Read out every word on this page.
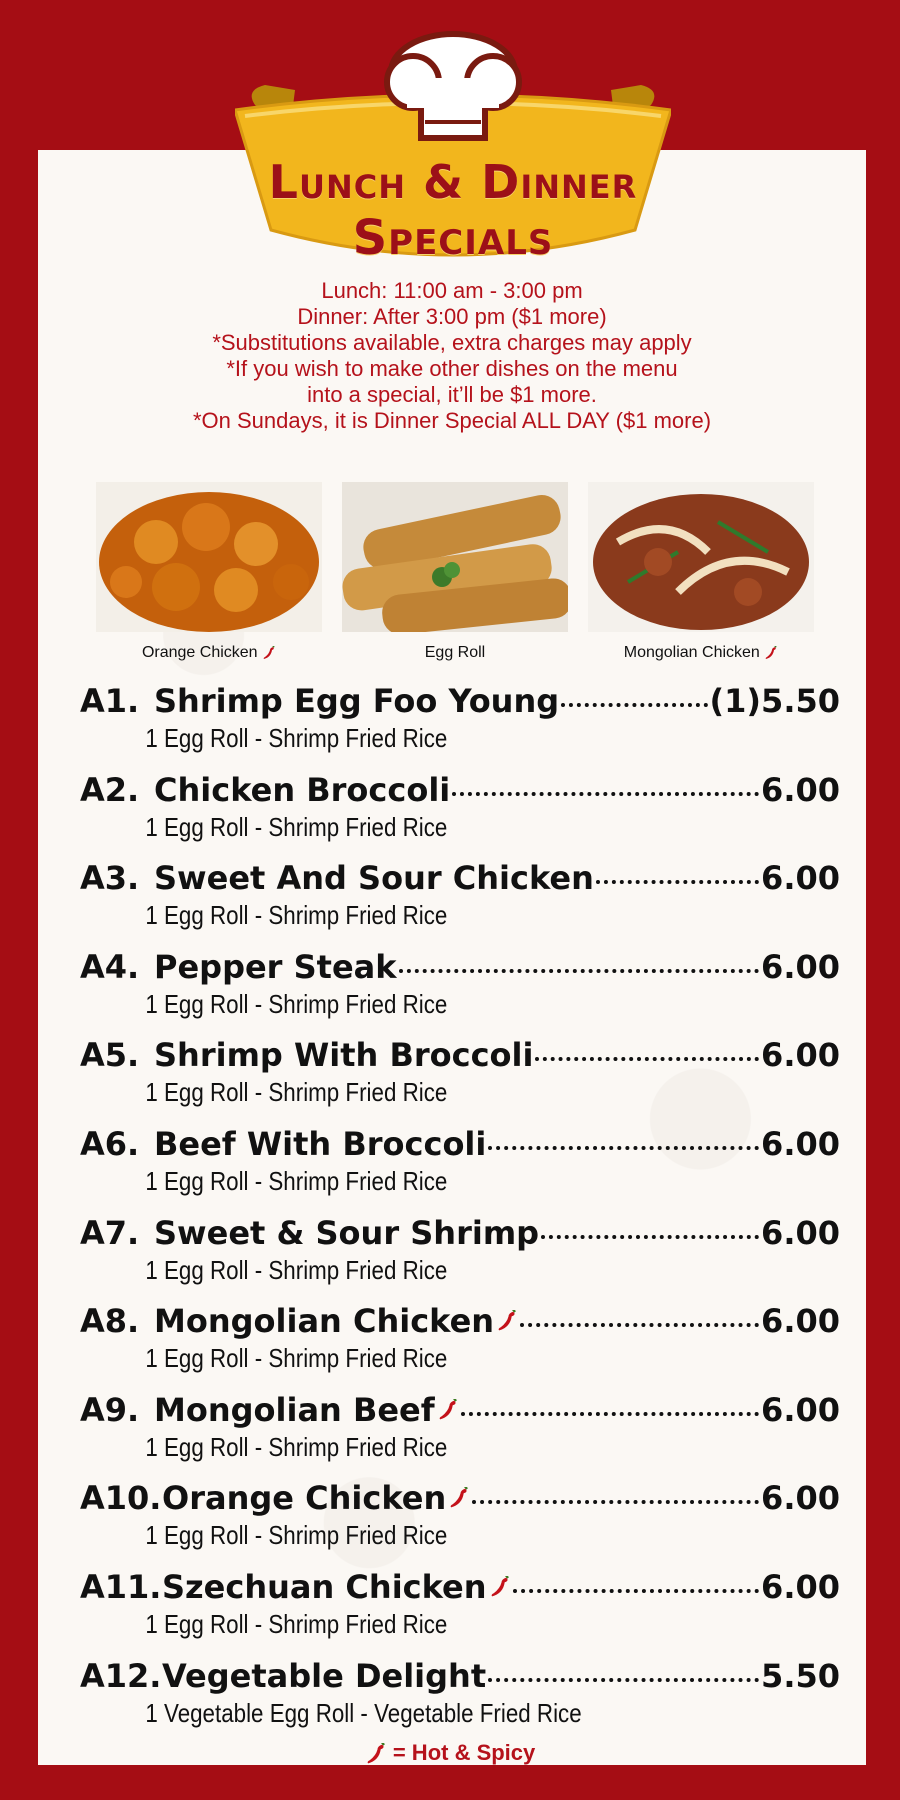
Lunch & Dinner
Specials
Lunch: 11:00 am - 3:00 pm
Dinner: After 3:00 pm ($1 more)
*Substitutions available, extra charges may apply
*If you wish to make other dishes on the menu
into a special, it’ll be $1 more.
*On Sundays, it is Dinner Special ALL DAY ($1 more)
Orange Chicken	Egg Roll	Mongolian Chicken
A1. Shrimp Egg Foo Young	(1)5.50
1 Egg Roll - Shrimp Fried Rice
A2. Chicken Broccoli	6.00
1 Egg Roll - Shrimp Fried Rice
A3. Sweet And Sour Chicken	6.00
1 Egg Roll - Shrimp Fried Rice
A4. Pepper Steak	6.00
1 Egg Roll - Shrimp Fried Rice
A5. Shrimp With Broccoli	6.00
1 Egg Roll - Shrimp Fried Rice
A6. Beef With Broccoli	6.00
1 Egg Roll - Shrimp Fried Rice
A7. Sweet & Sour Shrimp	6.00
1 Egg Roll - Shrimp Fried Rice
A8. Mongolian Chicken	6.00
1 Egg Roll - Shrimp Fried Rice
A9. Mongolian Beef	6.00
1 Egg Roll - Shrimp Fried Rice
A10. Orange Chicken	6.00
1 Egg Roll - Shrimp Fried Rice
A11. Szechuan Chicken	6.00
1 Egg Roll - Shrimp Fried Rice
A12. Vegetable Delight	5.50
1 Vegetable Egg Roll - Vegetable Fried Rice
= Hot & Spicy
